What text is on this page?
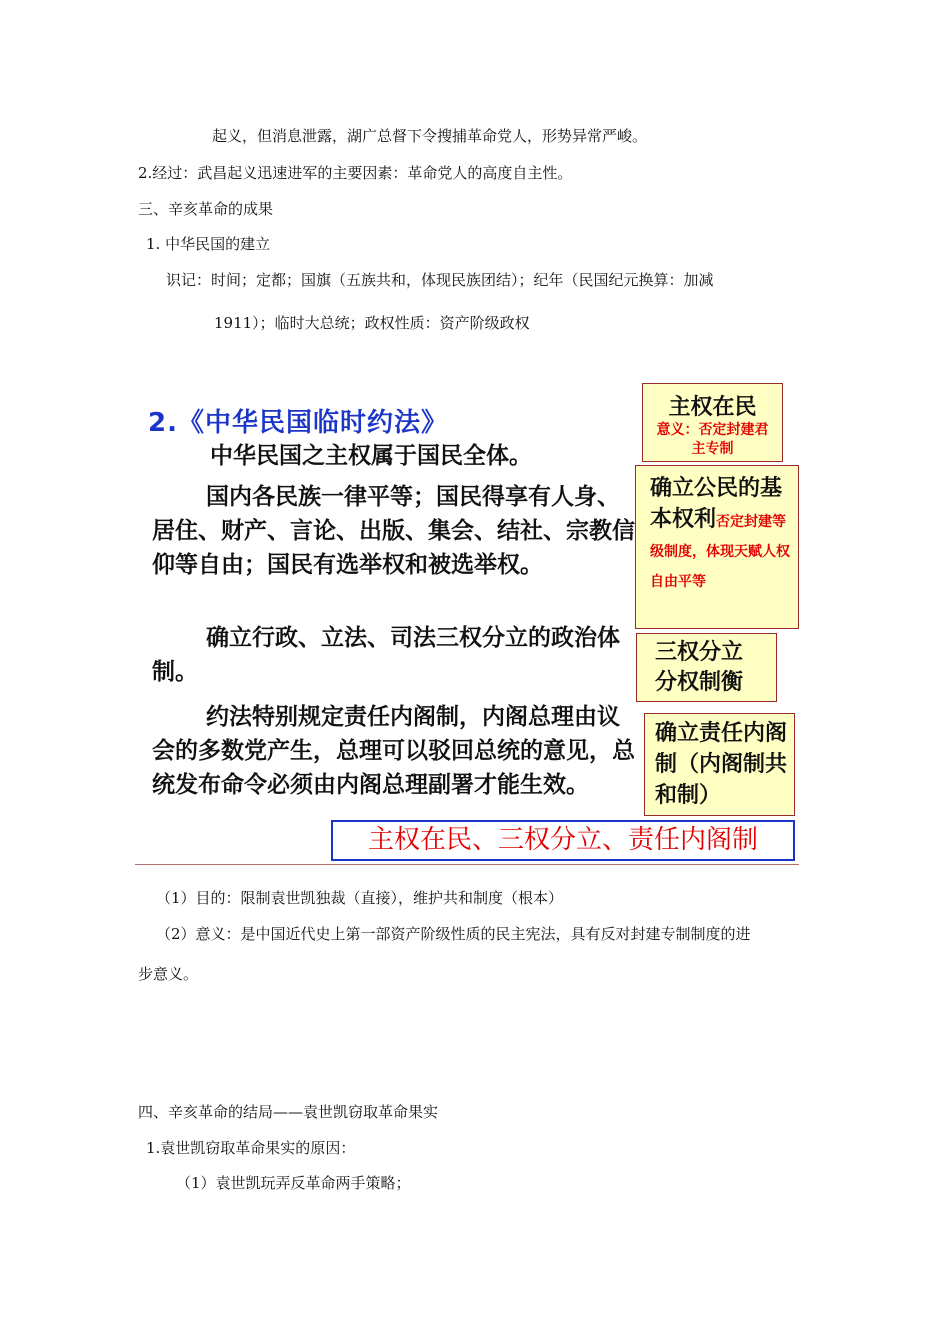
起义，但消息泄露，湖广总督下令搜捕革命党人，形势异常严峻。
2.经过：武昌起义迅速进军的主要因素：革命党人的高度自主性。
三、辛亥革命的成果
1. 中华民国的建立
识记：时间；定都；国旗（五族共和，体现民族团结）；纪年（民国纪元换算：加减
1911）；临时大总统；政权性质：资产阶级政权
2.《中华民国临时约法》
中华民国之主权属于国民全体。
国内各民族一律平等；国民得享有人身、居住、财产、言论、出版、集会、结社、宗教信仰等自由；国民有选举权和被选举权。
确立行政、立法、司法三权分立的政治体制。
约法特别规定责任内阁制，内阁总理由议会的多数党产生，总理可以驳回总统的意见，总统发布命令必须由内阁总理副署才能生效。
主权在民
意义：否定封建君主专制
确立公民的基本权利否定封建等级制度，体现天赋人权自由平等
三权分立分权制衡
确立责任内阁制（内阁制共和制）
主权在民、三权分立、责任内阁制
（1）目的：限制袁世凯独裁（直接），维护共和制度（根本）
（2）意义：是中国近代史上第一部资产阶级性质的民主宪法，具有反对封建专制制度的进
步意义。
四、辛亥革命的结局——袁世凯窃取革命果实
1.袁世凯窃取革命果实的原因：
（1）袁世凯玩弄反革命两手策略；
